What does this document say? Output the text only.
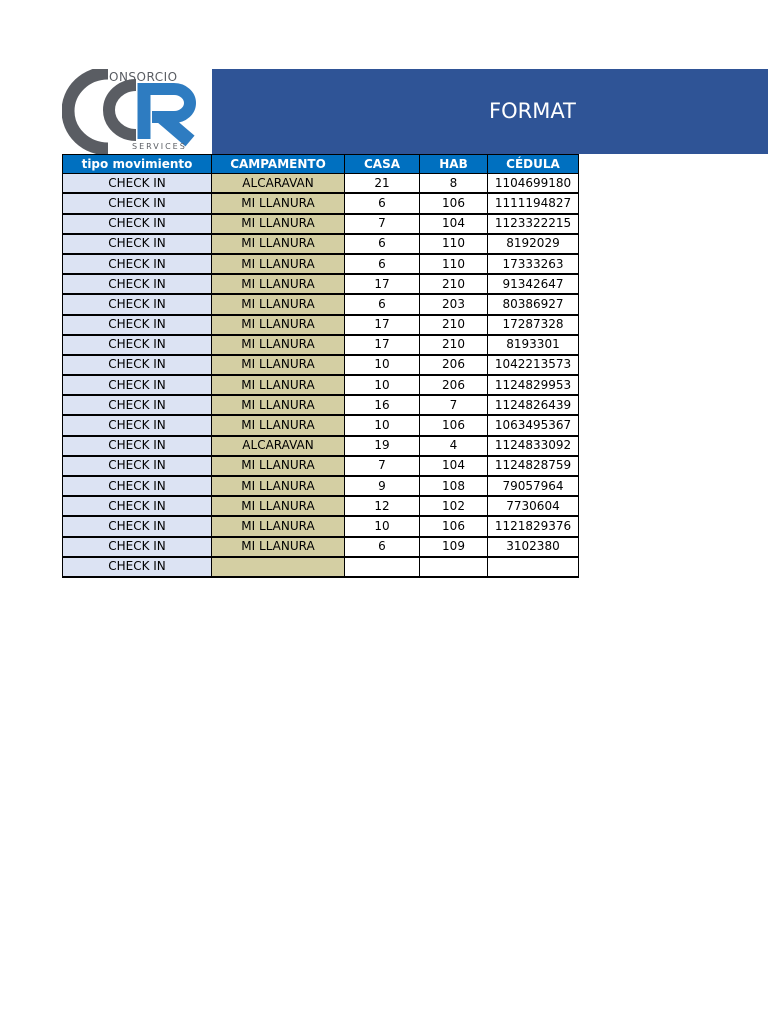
ONSORCIO
SERVICES
FORMAT
tipo movimiento	CAMPAMENTO	CASA	HAB	CÉDULA
CHECK IN	ALCARAVAN	21	8	1104699180
CHECK IN	MI LLANURA	6	106	1111194827
CHECK IN	MI LLANURA	7	104	1123322215
CHECK IN	MI LLANURA	6	110	8192029
CHECK IN	MI LLANURA	6	110	17333263
CHECK IN	MI LLANURA	17	210	91342647
CHECK IN	MI LLANURA	6	203	80386927
CHECK IN	MI LLANURA	17	210	17287328
CHECK IN	MI LLANURA	17	210	8193301
CHECK IN	MI LLANURA	10	206	1042213573
CHECK IN	MI LLANURA	10	206	1124829953
CHECK IN	MI LLANURA	16	7	1124826439
CHECK IN	MI LLANURA	10	106	1063495367
CHECK IN	ALCARAVAN	19	4	1124833092
CHECK IN	MI LLANURA	7	104	1124828759
CHECK IN	MI LLANURA	9	108	79057964
CHECK IN	MI LLANURA	12	102	7730604
CHECK IN	MI LLANURA	10	106	1121829376
CHECK IN	MI LLANURA	6	109	3102380
CHECK IN				
